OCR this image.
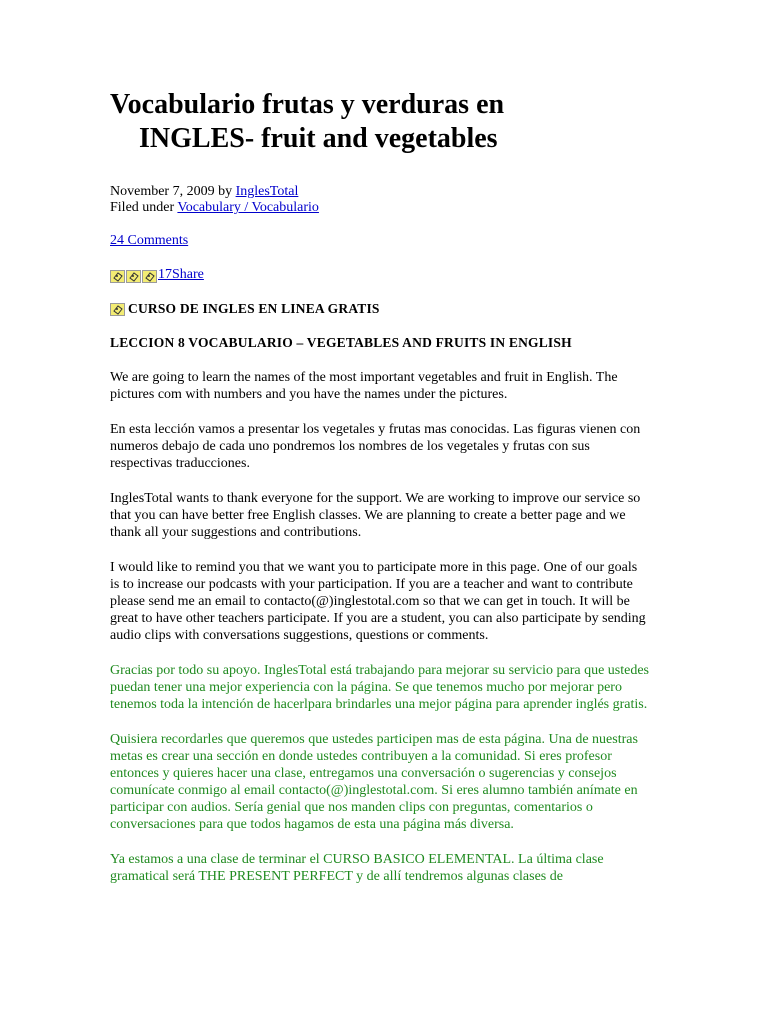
Vocabulario frutas y verduras en
INGLES- fruit and vegetables
November 7, 2009 by InglesTotal
Filed under Vocabulary / Vocabulario
24 Comments
17Share
CURSO DE INGLES EN LINEA GRATIS
LECCION 8 VOCABULARIO – VEGETABLES AND FRUITS IN ENGLISH

We are going to learn the names of the most important vegetables and fruit in English. The pictures com with numbers and you have the names under the pictures.

En esta lección vamos a presentar los vegetales y frutas mas conocidas. Las figuras vienen con numeros debajo de cada uno pondremos los nombres de los vegetales y frutas con sus respectivas traducciones.

InglesTotal wants to thank everyone for the support. We are working to improve our service so that you can have better free English classes. We are planning to create a better page and we thank all your suggestions and contributions.

I would like to remind you that we want you to participate more in this page. One of our goals is to increase our podcasts with your participation. If you are a teacher and want to contribute please send me an email to contacto(@)inglestotal.com so that we can get in touch. It will be great to have other teachers participate. If you are a student, you can also participate by sending audio clips with conversations suggestions, questions or comments.

Gracias por todo su apoyo. InglesTotal está trabajando para mejorar su servicio para que ustedes puedan tener una mejor experiencia con la página. Se que tenemos mucho por mejorar pero tenemos toda la intención de hacerlpara brindarles una mejor página para aprender inglés gratis.

Quisiera recordarles que queremos que ustedes participen mas de esta página. Una de nuestras metas es crear una sección en donde ustedes contribuyen a la comunidad. Si eres profesor entonces y quieres hacer una clase, entregamos una conversación o sugerencias y consejos comunícate conmigo al email contacto(@)inglestotal.com. Si eres alumno también anímate en participar con audios. Sería genial que nos manden clips con preguntas, comentarios o conversaciones para que todos hagamos de esta una página más diversa.

Ya estamos a una clase de terminar el CURSO BASICO ELEMENTAL. La última clase gramatical será THE PRESENT PERFECT y de allí tendremos algunas clases de
